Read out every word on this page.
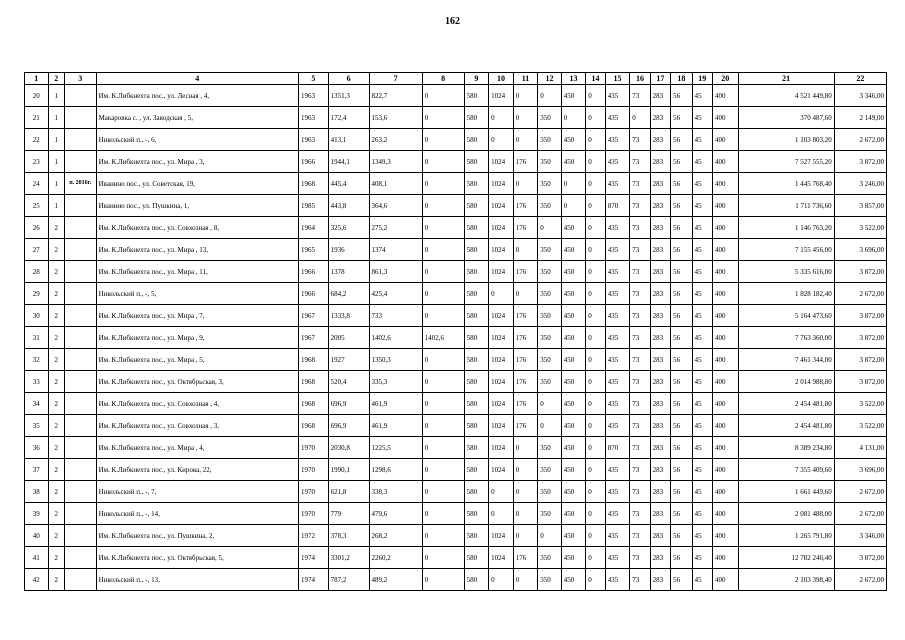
162
1	2	3	4	5	6	7	8	9	10	11	12	13	14	15	16	17	18	19	20	21	22
20	1		Им. К.Либкнехта пос., ул. Лесная , 4,	1963	1351,3	822,7	0	580	1024	0	0	450	0	435	73	283	56	45	400	4 521 449,80	3 346,00
21	1		Макаровка с. , ул. Заводская , 5,	1963	172,4	153,6	0	580	0	0	350	0	0	435	0	283	56	45	400	370 487,60	2 149,00
22	1		Никольский п., -, 6,	1963	413,1	263,2	0	580	0	0	350	450	0	435	73	283	56	45	400	1 103 803,20	2 672,00
23	1		Им. К.Либкнехта пос., ул. Мира , 3,	1966	1944,1	1349,3	0	580	1024	176	350	450	0	435	73	283	56	45	400	7 527 555,20	3 872,00
24	1	п. 2016г.	Иванино пос., ул. Советская, 19,	1968	445,4	408,1	0	580	1024	0	350	0	0	435	73	283	56	45	400	1 445 768,40	3 246,00
25	1		Иванино пос., ул. Пушкина, 1,	1985	443,8	364,6	0	580	1024	176	350	0	0	870	73	283	56	45	400	1 711 736,60	3 857,00
26	2		Им. К.Либкнехта пос., ул. Совхозная , 8,	1964	325,6	275,2	0	580	1024	176	0	450	0	435	73	283	56	45	400	1 146 763,20	3 522,00
27	2		Им. К.Либкнехта пос., ул. Мира , 13,	1965	1936	1374	0	580	1024	0	350	450	0	435	73	283	56	45	400	7 155 456,00	3 696,00
28	2		Им. К.Либкнехта пос., ул. Мира , 11,	1966	1378	861,3	0	580	1024	176	350	450	0	435	73	283	56	45	400	5 335 616,00	3 872,00
29	2		Никольский п., -, 5,	1966	684,2	425,4	0	580	0	0	350	450	0	435	73	283	56	45	400	1 828 182,40	2 672,00
30	2		Им. К.Либкнехта пос., ул. Мира , 7,	1967	1333,8	733	0	580	1024	176	350	450	0	435	73	283	56	45	400	5 164 473,60	3 872,00
31	2		Им. К.Либкнехта пос., ул. Мира , 9,	1967	2005	1402,6	1402,6	580	1024	176	350	450	0	435	73	283	56	45	400	7 763 360,00	3 872,00
32	2		Им. К.Либкнехта пос., ул. Мира , 5,	1968	1927	1350,3	0	580	1024	176	350	450	0	435	73	283	56	45	400	7 461 344,00	3 872,00
33	2		Им. К.Либкнехта пос., ул. Октябрьская, 3,	1968	520,4	335,3	0	580	1024	176	350	450	0	435	73	283	56	45	400	2 014 988,80	3 872,00
34	2		Им. К.Либкнехта пос., ул. Совхозная , 4,	1968	696,9	461,9	0	580	1024	176	0	450	0	435	73	283	56	45	400	2 454 481,80	3 522,00
35	2		Им. К.Либкнехта пос., ул. Совхозная , 3,	1968	696,9	461,9	0	580	1024	176	0	450	0	435	73	283	56	45	400	2 454 481,80	3 522,00
36	2		Им. К.Либкнехта пос., ул. Мира , 4,	1970	2030,8	1225,5	0	580	1024	0	350	450	0	870	73	283	56	45	400	8 389 234,80	4 131,00
37	2		Им. К.Либкнехта пос., ул. Кирова, 22,	1970	1990,1	1298,6	0	580	1024	0	350	450	0	435	73	283	56	45	400	7 355 409,60	3 696,00
38	2		Никольский п., -, 7,	1970	621,8	338,3	0	580	0	0	350	450	0	435	73	283	56	45	400	1 661 449,60	2 672,00
39	2		Никольский п., -, 14,	1970	779	479,6	0	580	0	0	350	450	0	435	73	283	56	45	400	2 081 488,00	2 672,00
40	2		Им. К.Либкнехта пос., ул. Пушкина, 2,	1972	378,3	268,2	0	580	1024	0	0	450	0	435	73	283	56	45	400	1 265 791,80	3 346,00
41	2		Им. К.Либкнехта пос., ул. Октябрьская, 5,	1974	3301,2	2260,2	0	580	1024	176	350	450	0	435	73	283	56	45	400	12 782 246,40	3 872,00
42	2		Никольский п., -, 13,	1974	787,2	489,2	0	580	0	0	350	450	0	435	73	283	56	45	400	2 103 398,40	2 672,00
